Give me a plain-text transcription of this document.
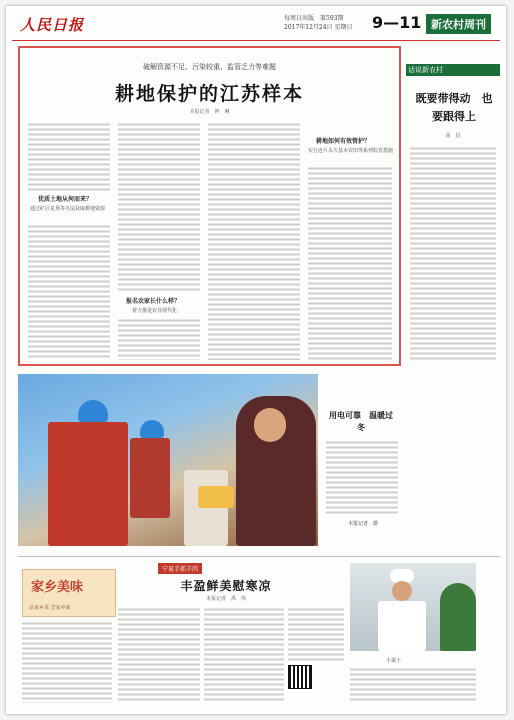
人民日报	每周日出版　第593期
2017年12月24日 星期日 9—11 新农村周刊
破解资源不足、污染较重、监管乏力等难题
耕地保护的江苏样本
本报记者　钟　琳
优质土地从何而来？
通过矿区复垦等办法获取耕地资源
报名农家长什么样？
着力推进农业现代化
耕地如何有效管护？
实行连片永久基本农田等系列监管措施
话说新农村
既要带得动　也要跟得上
屈　信
用电可靠　温暖过冬
本报记者　摄
家乡美味
品家乡菜 尝家乡味
宁夏手抓羊肉
丰盈鲜美慰寒凉
本报记者　禹　伟
小菜十
